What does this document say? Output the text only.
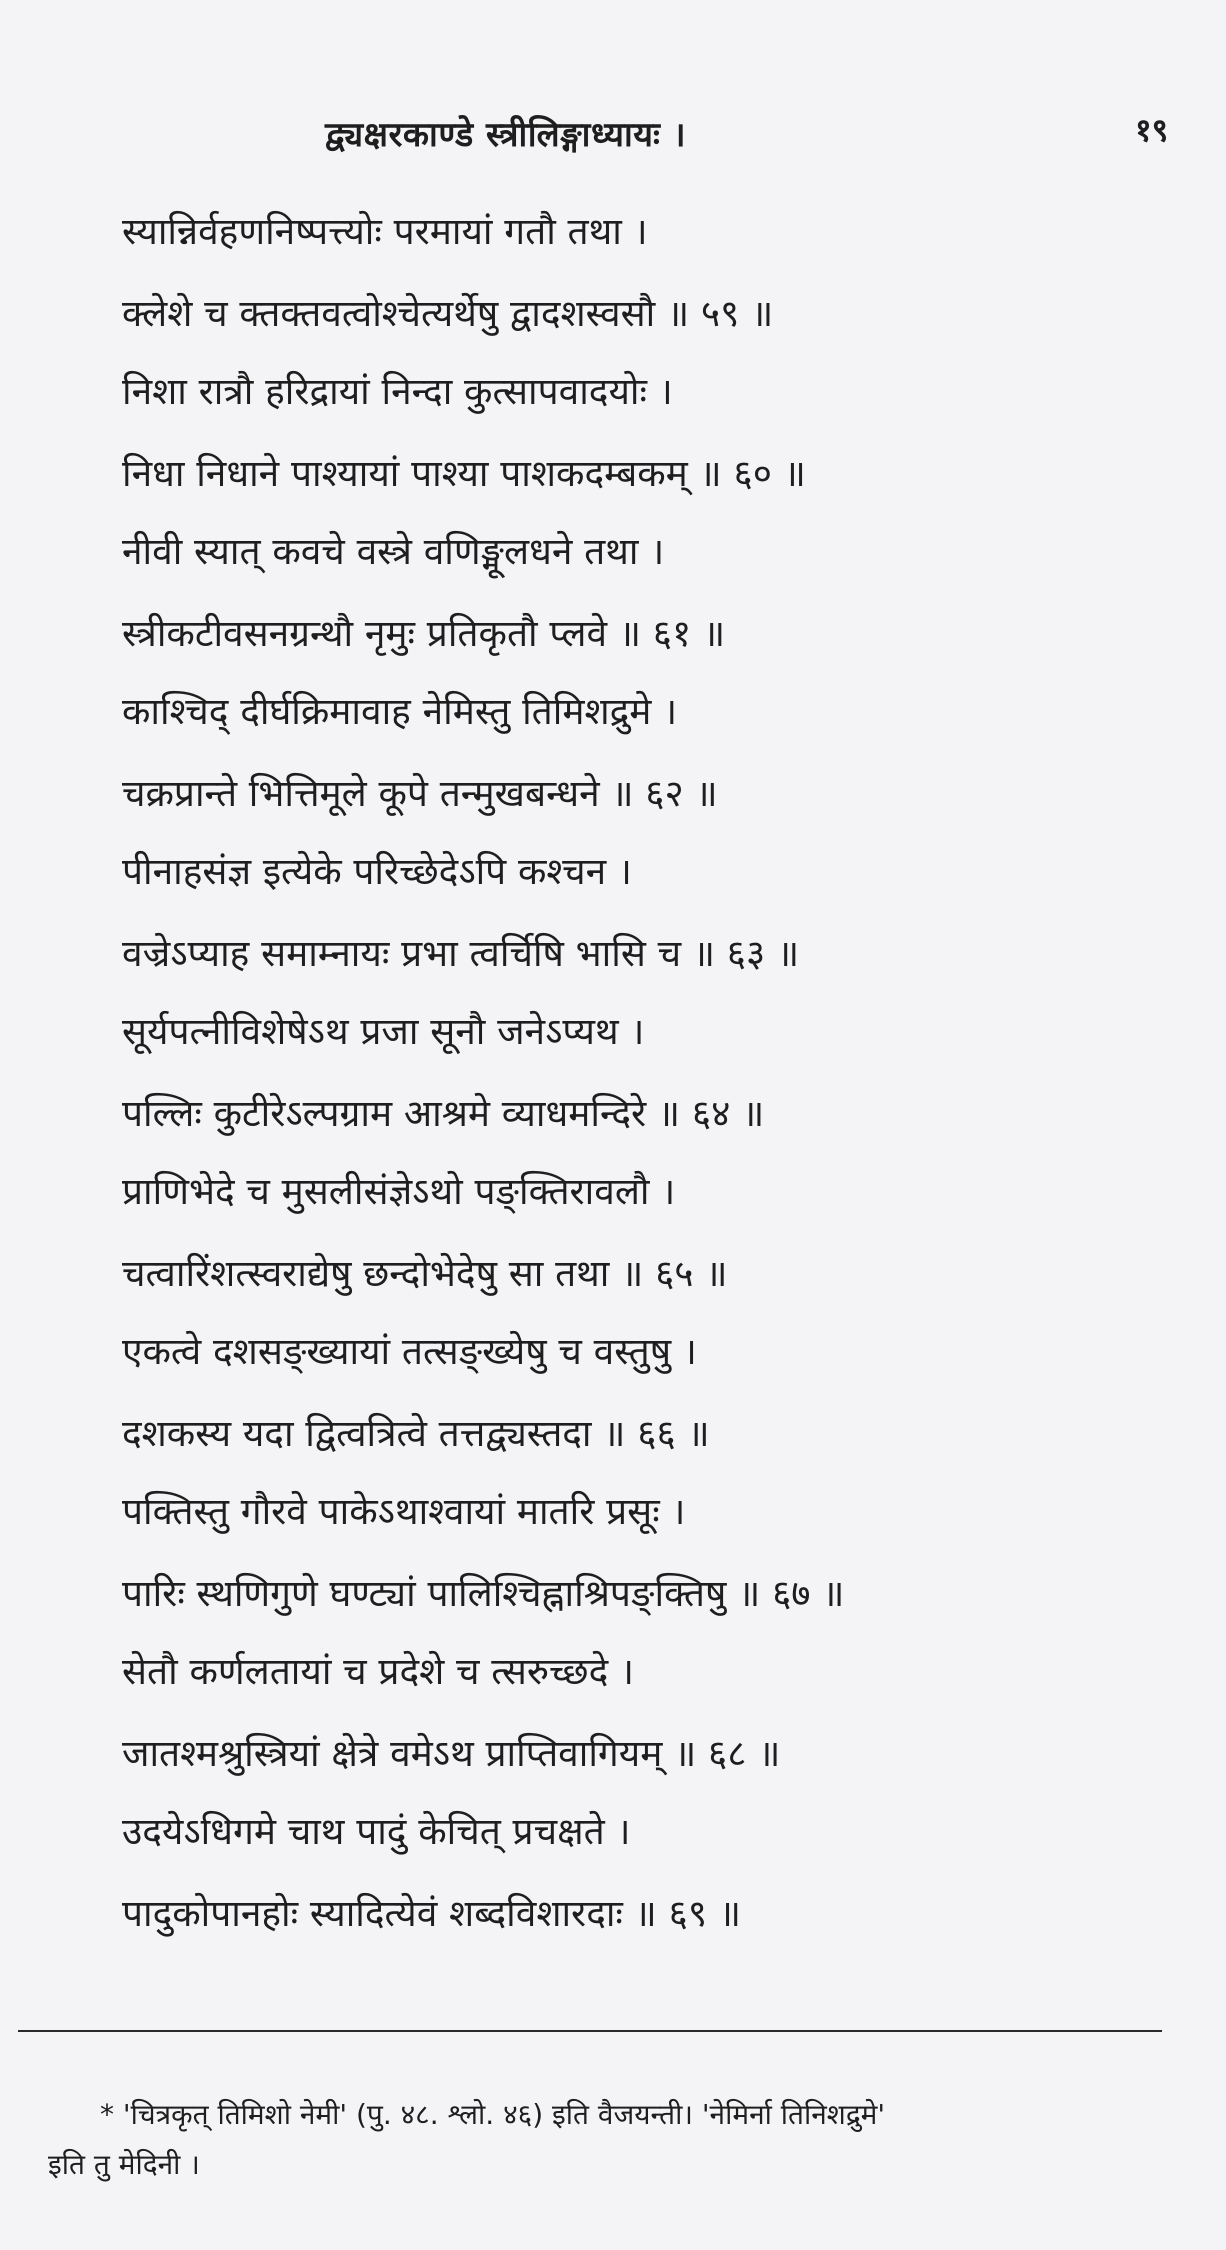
द्व्यक्षरकाण्डे स्त्रीलिङ्गाध्यायः ।	१९
स्यान्निर्वहणनिष्पत्त्योः परमायां गतौ तथा ।
क्लेशे च क्तक्तवत्वोश्चेत्यर्थेषु द्वादशस्वसौ ॥ ५९ ॥
निशा रात्रौ हरिद्रायां निन्दा कुत्सापवादयोः ।
निधा निधाने पाश्यायां पाश्या पाशकदम्बकम् ॥ ६० ॥
नीवी स्यात् कवचे वस्त्रे वणिङ्मूलधने तथा ।
स्त्रीकटीवसनग्रन्थौ नृमुः प्रतिकृतौ प्लवे ॥ ६१ ॥
काश्चिद् दीर्घक्रिमावाह नेमिस्तु तिमिशद्रुमे ।
चक्रप्रान्ते भित्तिमूले कूपे तन्मुखबन्धने ॥ ६२ ॥
पीनाहसंज्ञ इत्येके परिच्छेदेऽपि कश्चन ।
वज्रेऽप्याह समाम्नायः प्रभा त्वर्चिषि भासि च ॥ ६३ ॥
सूर्यपत्नीविशेषेऽथ प्रजा सूनौ जनेऽप्यथ ।
पल्लिः कुटीरेऽल्पग्राम आश्रमे व्याधमन्दिरे ॥ ६४ ॥
प्राणिभेदे च मुसलीसंज्ञेऽथो पङ्क्तिरावलौ ।
चत्वारिंशत्स्वराद्येषु छन्दोभेदेषु सा तथा ॥ ६५ ॥
एकत्वे दशसङ्ख्यायां तत्सङ्ख्येषु च वस्तुषु ।
दशकस्य यदा द्वित्वत्रित्वे तत्तद्व्यस्तदा ॥ ६६ ॥
पक्तिस्तु गौरवे पाकेऽथाश्वायां मातरि प्रसूः ।
पारिः स्थणिगुणे घण्ट्यां पालिश्चिह्नाश्रिपङ्क्तिषु ॥ ६७ ॥
सेतौ कर्णलतायां च प्रदेशे च त्सरुच्छदे ।
जातश्मश्रुस्त्रियां क्षेत्रे वमेऽथ प्राप्तिवागियम् ॥ ६८ ॥
उदयेऽधिगमे चाथ पादुं केचित् प्रचक्षते ।
पादुकोपानहोः स्यादित्येवं शब्दविशारदाः ॥ ६९ ॥
* 'चित्रकृत् तिमिशो नेमी' (पु. ४८. श्लो. ४६) इति वैजयन्ती। 'नेमिर्ना तिनिशद्रुमे'
इति तु मेदिनी ।
